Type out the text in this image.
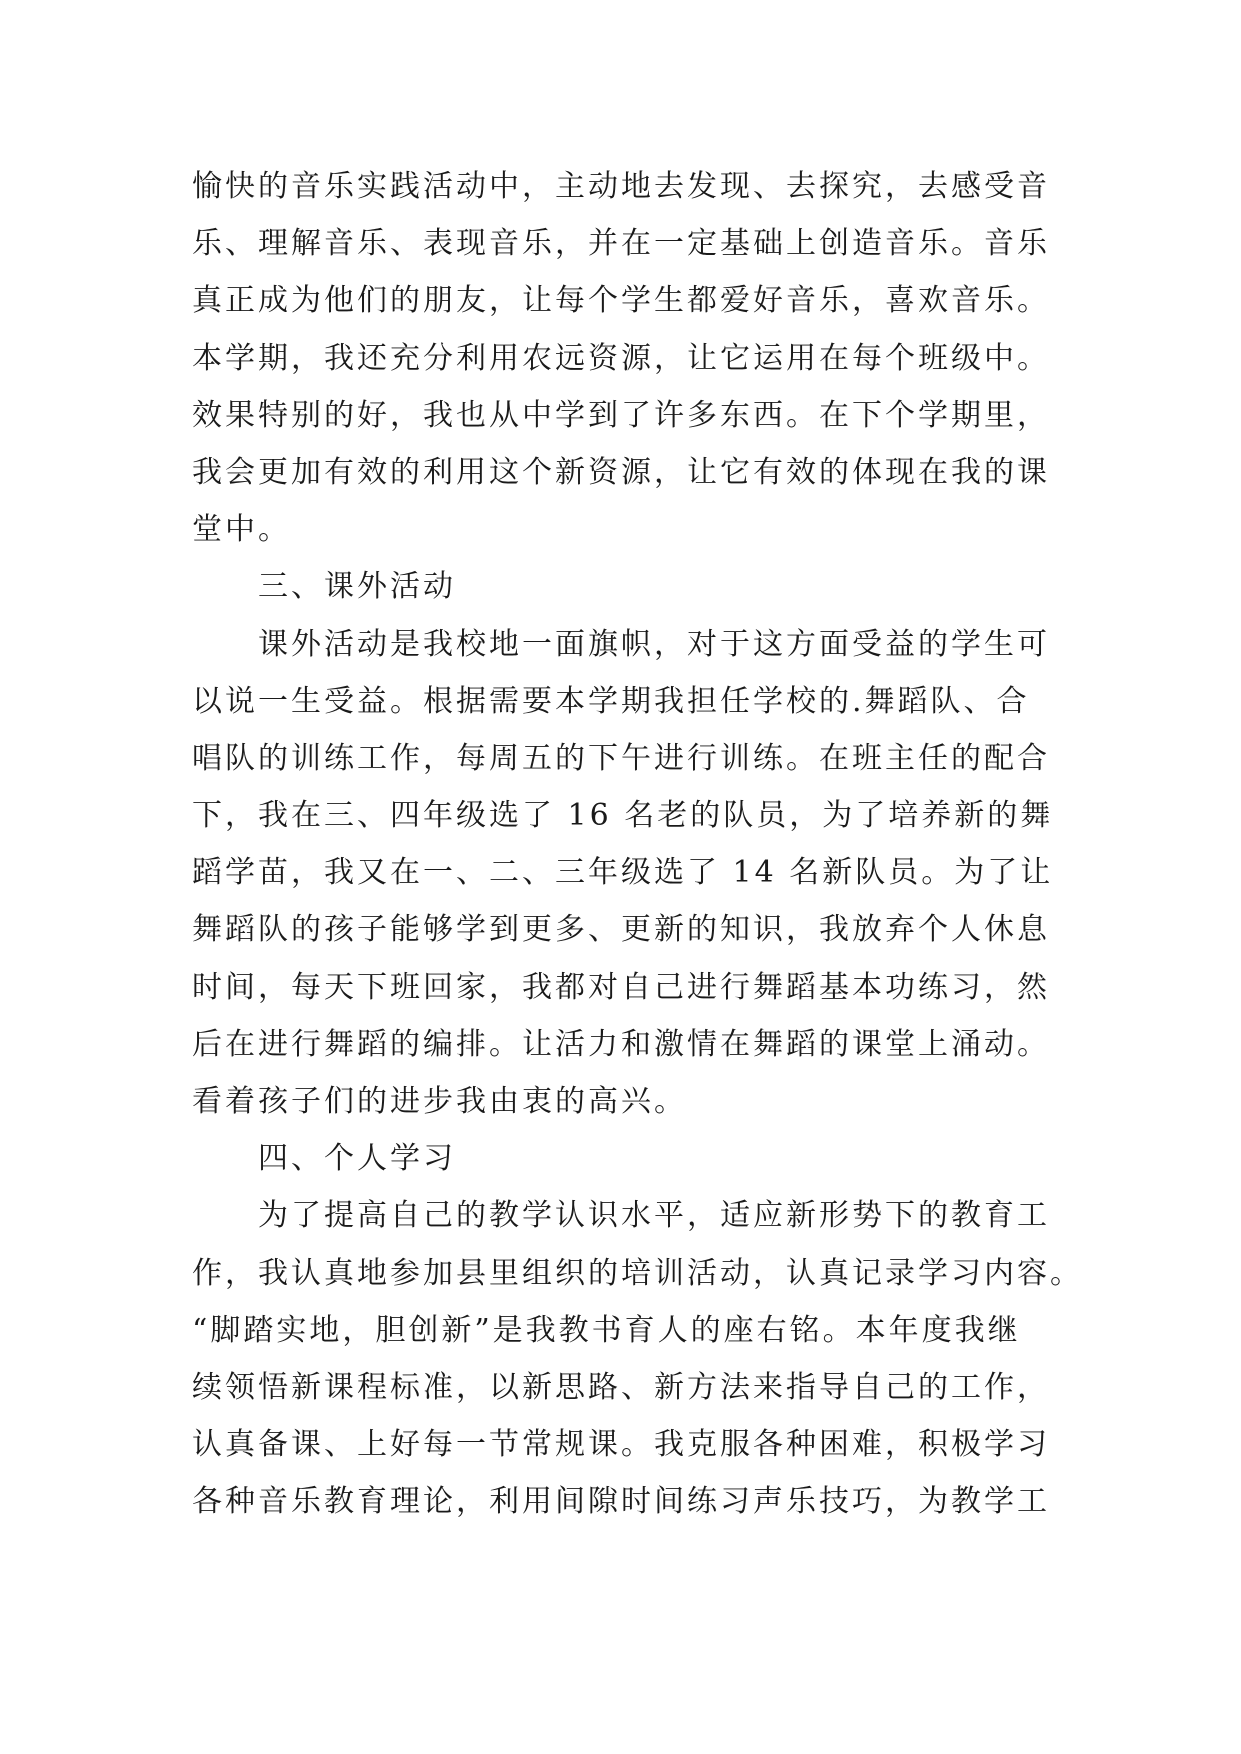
愉快的音乐实践活动中，主动地去发现、去探究，去感受音
乐、理解音乐、表现音乐，并在一定基础上创造音乐。音乐
真正成为他们的朋友，让每个学生都爱好音乐，喜欢音乐。
本学期，我还充分利用农远资源，让它运用在每个班级中。
效果特别的好，我也从中学到了许多东西。在下个学期里，
我会更加有效的利用这个新资源，让它有效的体现在我的课
堂中。
三、课外活动
课外活动是我校地一面旗帜，对于这方面受益的学生可
以说一生受益。根据需要本学期我担任学校的.舞蹈队、合
唱队的训练工作，每周五的下午进行训练。在班主任的配合
下，我在三、四年级选了 16 名老的队员，为了培养新的舞
蹈学苗，我又在一、二、三年级选了 14 名新队员。为了让
舞蹈队的孩子能够学到更多、更新的知识，我放弃个人休息
时间，每天下班回家，我都对自己进行舞蹈基本功练习，然
后在进行舞蹈的编排。让活力和激情在舞蹈的课堂上涌动。
看着孩子们的进步我由衷的高兴。
四、个人学习
为了提高自己的教学认识水平，适应新形势下的教育工
作，我认真地参加县里组织的培训活动，认真记录学习内容。
“脚踏实地，胆创新”是我教书育人的座右铭。本年度我继
续领悟新课程标准，以新思路、新方法来指导自己的工作，
认真备课、上好每一节常规课。我克服各种困难，积极学习
各种音乐教育理论，利用间隙时间练习声乐技巧，为教学工
